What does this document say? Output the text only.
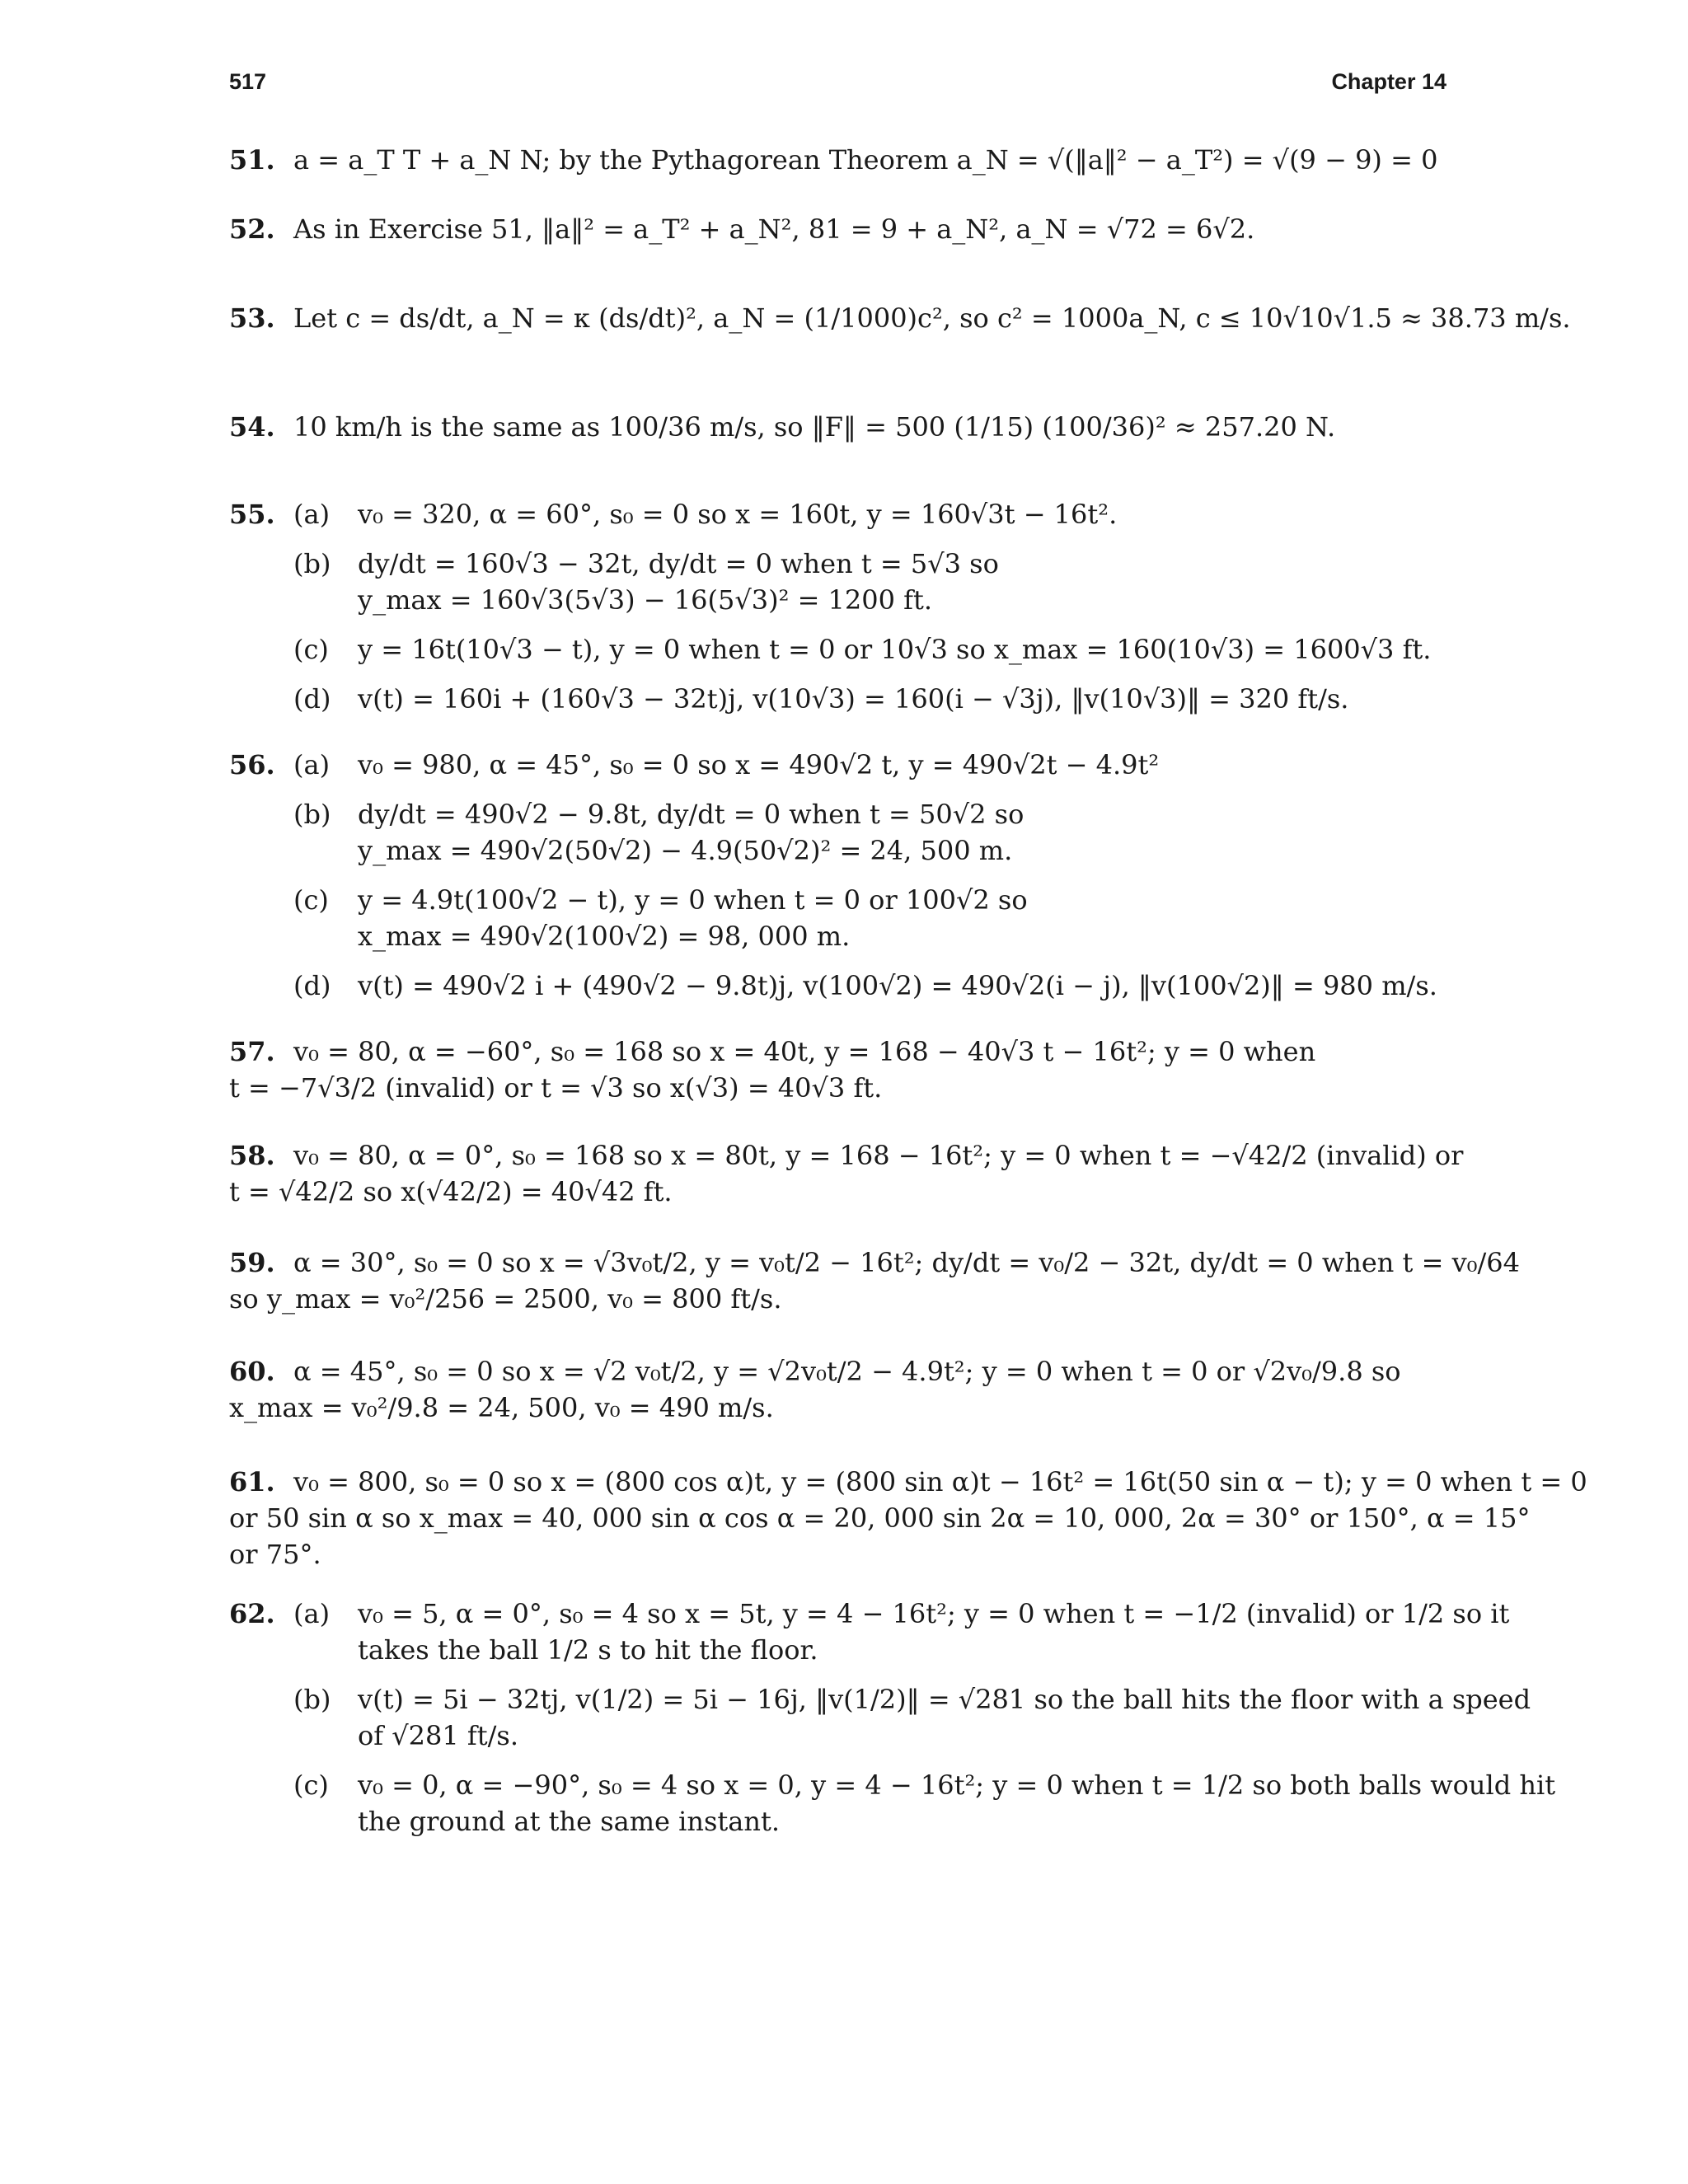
517	Chapter 14
51. a = a_T T + a_N N; by the Pythagorean Theorem a_N = √(‖a‖² − a_T²) = √(9 − 9) = 0
52. As in Exercise 51, ‖a‖² = a_T² + a_N², 81 = 9 + a_N², a_N = √72 = 6√2.
53. Let c = ds/dt, a_N = κ (ds/dt)², a_N = (1/1000)c², so c² = 1000a_N, c ≤ 10√10√1.5 ≈ 38.73 m/s.
54. 10 km/h is the same as 100/36 m/s, so ‖F‖ = 500 (1/15) (100/36)² ≈ 257.20 N.
55. (a) v₀ = 320, α = 60°, s₀ = 0 so x = 160t, y = 160√3t − 16t².
(b) dy/dt = 160√3 − 32t, dy/dt = 0 when t = 5√3 so
y_max = 160√3(5√3) − 16(5√3)² = 1200 ft.
(c) y = 16t(10√3 − t), y = 0 when t = 0 or 10√3 so x_max = 160(10√3) = 1600√3 ft.
(d) v(t) = 160i + (160√3 − 32t)j, v(10√3) = 160(i − √3j), ‖v(10√3)‖ = 320 ft/s.
56. (a) v₀ = 980, α = 45°, s₀ = 0 so x = 490√2 t, y = 490√2t − 4.9t²
(b) dy/dt = 490√2 − 9.8t, dy/dt = 0 when t = 50√2 so
y_max = 490√2(50√2) − 4.9(50√2)² = 24, 500 m.
(c) y = 4.9t(100√2 − t), y = 0 when t = 0 or 100√2 so
x_max = 490√2(100√2) = 98, 000 m.
(d) v(t) = 490√2 i + (490√2 − 9.8t)j, v(100√2) = 490√2(i − j), ‖v(100√2)‖ = 980 m/s.
57. v₀ = 80, α = −60°, s₀ = 168 so x = 40t, y = 168 − 40√3 t − 16t²; y = 0 when
t = −7√3/2 (invalid) or t = √3 so x(√3) = 40√3 ft.
58. v₀ = 80, α = 0°, s₀ = 168 so x = 80t, y = 168 − 16t²; y = 0 when t = −√42/2 (invalid) or
t = √42/2 so x(√42/2) = 40√42 ft.
59. α = 30°, s₀ = 0 so x = √3v₀t/2, y = v₀t/2 − 16t²; dy/dt = v₀/2 − 32t, dy/dt = 0 when t = v₀/64
so y_max = v₀²/256 = 2500, v₀ = 800 ft/s.
60. α = 45°, s₀ = 0 so x = √2 v₀t/2, y = √2v₀t/2 − 4.9t²; y = 0 when t = 0 or √2v₀/9.8 so
x_max = v₀²/9.8 = 24, 500, v₀ = 490 m/s.
61. v₀ = 800, s₀ = 0 so x = (800 cos α)t, y = (800 sin α)t − 16t² = 16t(50 sin α − t); y = 0 when t = 0
or 50 sin α so x_max = 40, 000 sin α cos α = 20, 000 sin 2α = 10, 000, 2α = 30° or 150°, α = 15°
or 75°.
62. (a) v₀ = 5, α = 0°, s₀ = 4 so x = 5t, y = 4 − 16t²; y = 0 when t = −1/2 (invalid) or 1/2 so it
takes the ball 1/2 s to hit the floor.
(b) v(t) = 5i − 32tj, v(1/2) = 5i − 16j, ‖v(1/2)‖ = √281 so the ball hits the floor with a speed
of √281 ft/s.
(c) v₀ = 0, α = −90°, s₀ = 4 so x = 0, y = 4 − 16t²; y = 0 when t = 1/2 so both balls would hit
the ground at the same instant.
